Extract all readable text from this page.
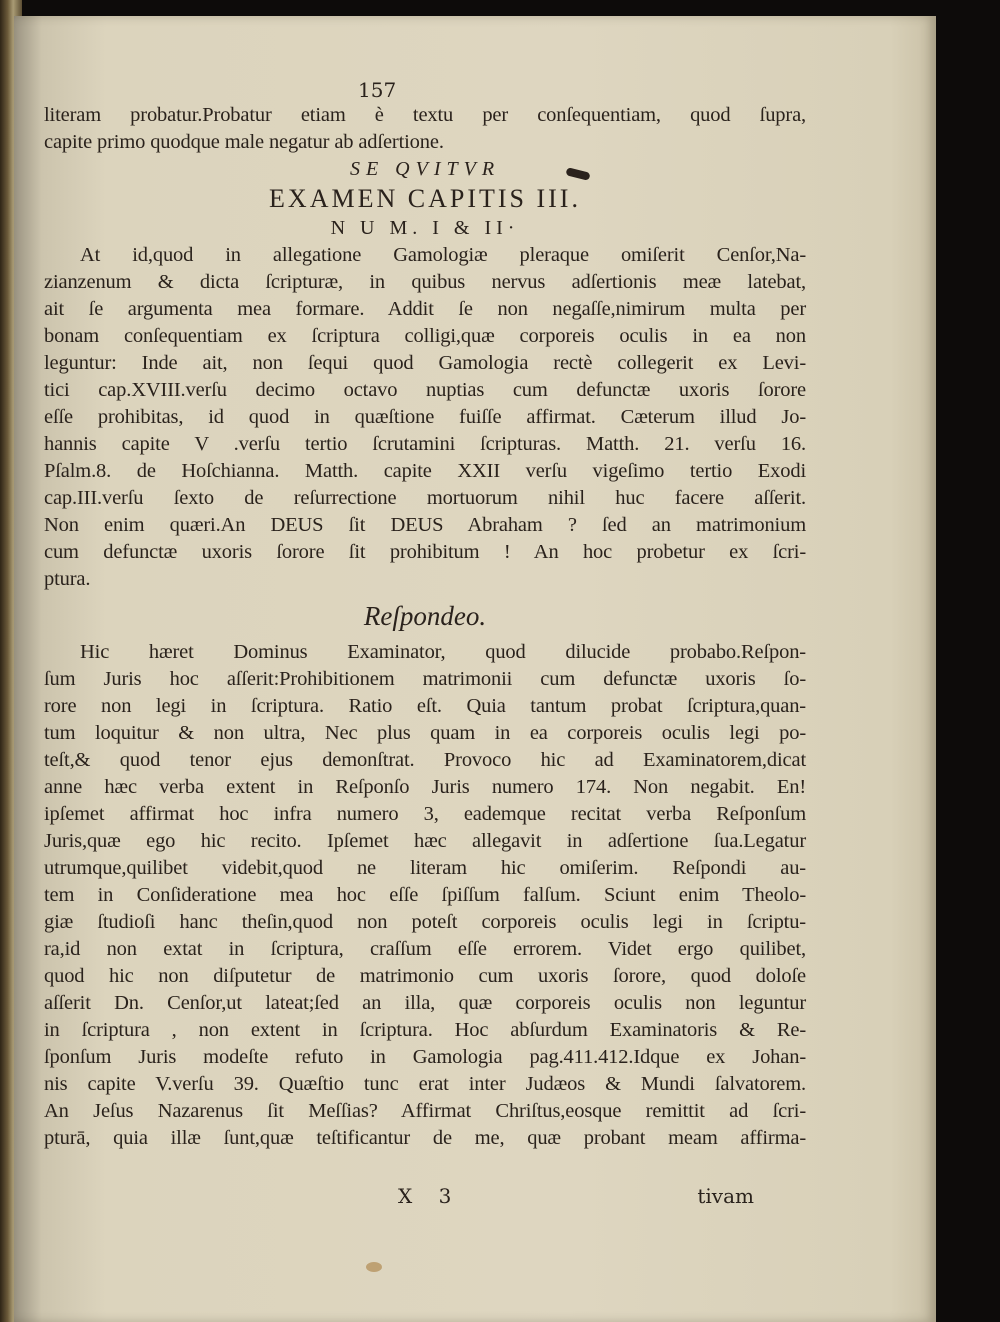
157
literam probatur.Probatur etiam è textu per conſequentiam, quod ſupra,
capite primo quodque male negatur ab adſertione.
SE QVITVR
EXAMEN CAPITIS III.
N U M. I & II·
At id,quod in allegatione Gamologiæ pleraque omiſerit Cenſor,Na-
zianzenum & dicta ſcripturæ, in quibus nervus adſertionis meæ latebat,
ait ſe argumenta mea formare. Addit ſe non negaſſe,nimirum multa per
bonam conſequentiam ex ſcriptura colligi,quæ corporeis oculis in ea non
leguntur: Inde ait, non ſequi quod Gamologia rectè collegerit ex Levi-
tici cap.XVIII.verſu decimo octavo nuptias cum defunctæ uxoris ſorore
eſſe prohibitas, id quod in quæſtione fuiſſe affirmat. Cæterum illud Jo-
hannis capite V .verſu tertio ſcrutamini ſcripturas. Matth. 21. verſu 16.
Pſalm.8. de Hoſchianna. Matth. capite XXII verſu vigeſimo tertio Exodi
cap.III.verſu ſexto de reſurrectione mortuorum nihil huc facere aſſerit.
Non enim quæri.An DEUS ſit DEUS Abraham ? ſed an matrimonium
cum defunctæ uxoris ſorore ſit prohibitum ! An hoc probetur ex ſcri-
ptura.
Reſpondeo.
Hic hæret Dominus Examinator, quod dilucide probabo.Reſpon-
ſum Juris hoc aſſerit:Prohibitionem matrimonii cum defunctæ uxoris ſo-
rore non legi in ſcriptura. Ratio eſt. Quia tantum probat ſcriptura,quan-
tum loquitur & non ultra, Nec plus quam in ea corporeis oculis legi po-
teſt,& quod tenor ejus demonſtrat. Provoco hic ad Examinatorem,dicat
anne hæc verba extent in Reſponſo Juris numero 174. Non negabit. En!
ipſemet affirmat hoc infra numero 3, eademque recitat verba Reſponſum
Juris,quæ ego hic recito. Ipſemet hæc allegavit in adſertione ſua.Legatur
utrumque,quilibet videbit,quod ne literam hic omiſerim. Reſpondi au-
tem in Conſideratione mea hoc eſſe ſpiſſum falſum. Sciunt enim Theolo-
giæ ſtudioſi hanc theſin,quod non poteſt corporeis oculis legi in ſcriptu-
ra,id non extat in ſcriptura, craſſum eſſe errorem. Videt ergo quilibet,
quod hic non diſputetur de matrimonio cum uxoris ſorore, quod doloſe
aſſerit Dn. Cenſor,ut lateat;ſed an illa, quæ corporeis oculis non leguntur
in ſcriptura , non extent in ſcriptura. Hoc abſurdum Examinatoris & Re-
ſponſum Juris modeſte refuto in Gamologia pag.411.412.Idque ex Johan-
nis capite V.verſu 39. Quæſtio tunc erat inter Judæos & Mundi ſalvatorem.
An Jeſus Nazarenus ſit Meſſias? Affirmat Chriſtus,eosque remittit ad ſcri-
pturā, quia illæ ſunt,quæ teſtificantur de me, quæ probant meam affirma-
X 3	tivam
